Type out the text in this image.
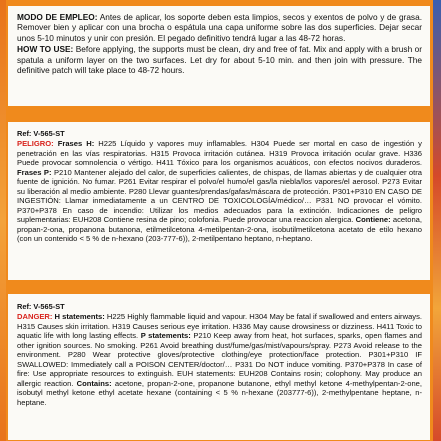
MODO DE EMPLEO: Antes de aplicar, los soporte deben esta limpios, secos y exentos de polvo y de grasa. Remover bien y aplicar con una brocha o espátula una capa uniforme sobre las dos superficies. Dejar secar unos 5-10 minutos y unir con presión. El pegado definitivo tendrá lugar a las 48-72 horas.

HOW TO USE: Before applying, the supports must be clean, dry and free of fat. Mix and apply with a brush or spatula a uniform layer on the two surfaces. Let dry for about 5-10 min. and then join with pressure. The definitive patch will take place to 48-72 hours.

Ref: V-565-ST

PELIGRO: Frases H: H225 Líquido y vapores muy inflamables. H304 Puede ser mortal en caso de ingestión y penetración en las vías respiratorias. H315 Provoca irritación cutánea. H319 Provoca irritación ocular grave. H336 Puede provocar somnolencia o vértigo. H411 Tóxico para los organismos acuáticos, con efectos nocivos duraderos. Frases P: P210 Mantener alejado del calor, de superficies calientes, de chispas, de llamas abiertas y de cualquier otra fuente de ignición. No fumar. P261 Evitar respirar el polvo/el humo/el gas/la niebla/los vapores/el aerosol. P273 Evitar su liberación al medio ambiente. P280 Llevar guantes/prendas/gafas/máscara de protección. P301+P310 EN CASO DE INGESTIÓN: Llamar inmediatamente a un CENTRO DE TOXICOLOGÍA/médico/… P331 NO provocar el vómito. P370+P378 En caso de incendio: Utilizar los medios adecuados para la extinción. Indicaciones de peligro suplementarias: EUH208 Contiene resina de pino; colofonia. Puede provocar una reaccion alergica. Contiene: acetona, propan-2-ona, propanona butanona, etilmetilcetona 4-metilpentan-2-ona, isobutilmetilcetona acetato de etilo hexano (con un contenido < 5 % de n-hexano (203-777-6)), 2-metilpentano heptano, n-heptano.

Ref: V-565-ST

DANGER: H statements: H225 Highly flammable liquid and vapour. H304 May be fatal if swallowed and enters airways. H315 Causes skin irritation. H319 Causes serious eye irritation. H336 May cause drowsiness or dizziness. H411 Toxic to aquatic life with long lasting effects. P statements: P210 Keep away from heat, hot surfaces, sparks, open flames and other ignition sources. No smoking. P261 Avoid breathing dust/fume/gas/mist/vapours/spray. P273 Avoid release to the environment. P280 Wear protective gloves/protective clothing/eye protection/face protection. P301+P310 IF SWALLOWED: Immediately call a POISON CENTER/doctor/… P331 Do NOT induce vomiting. P370+P378 In case of fire: Use appropriate resources to extinguish. EUH statements: EUH208 Contains rosin; colophony. May produce an allergic reaction. Contains: acetone, propan-2-one, propanone butanone, ethyl methyl ketone 4-methylpentan-2-one, isobutyl methyl ketone ethyl acetate hexane (containing < 5 % n-hexane (203777-6)), 2-methylpentane heptane, n-heptane.
